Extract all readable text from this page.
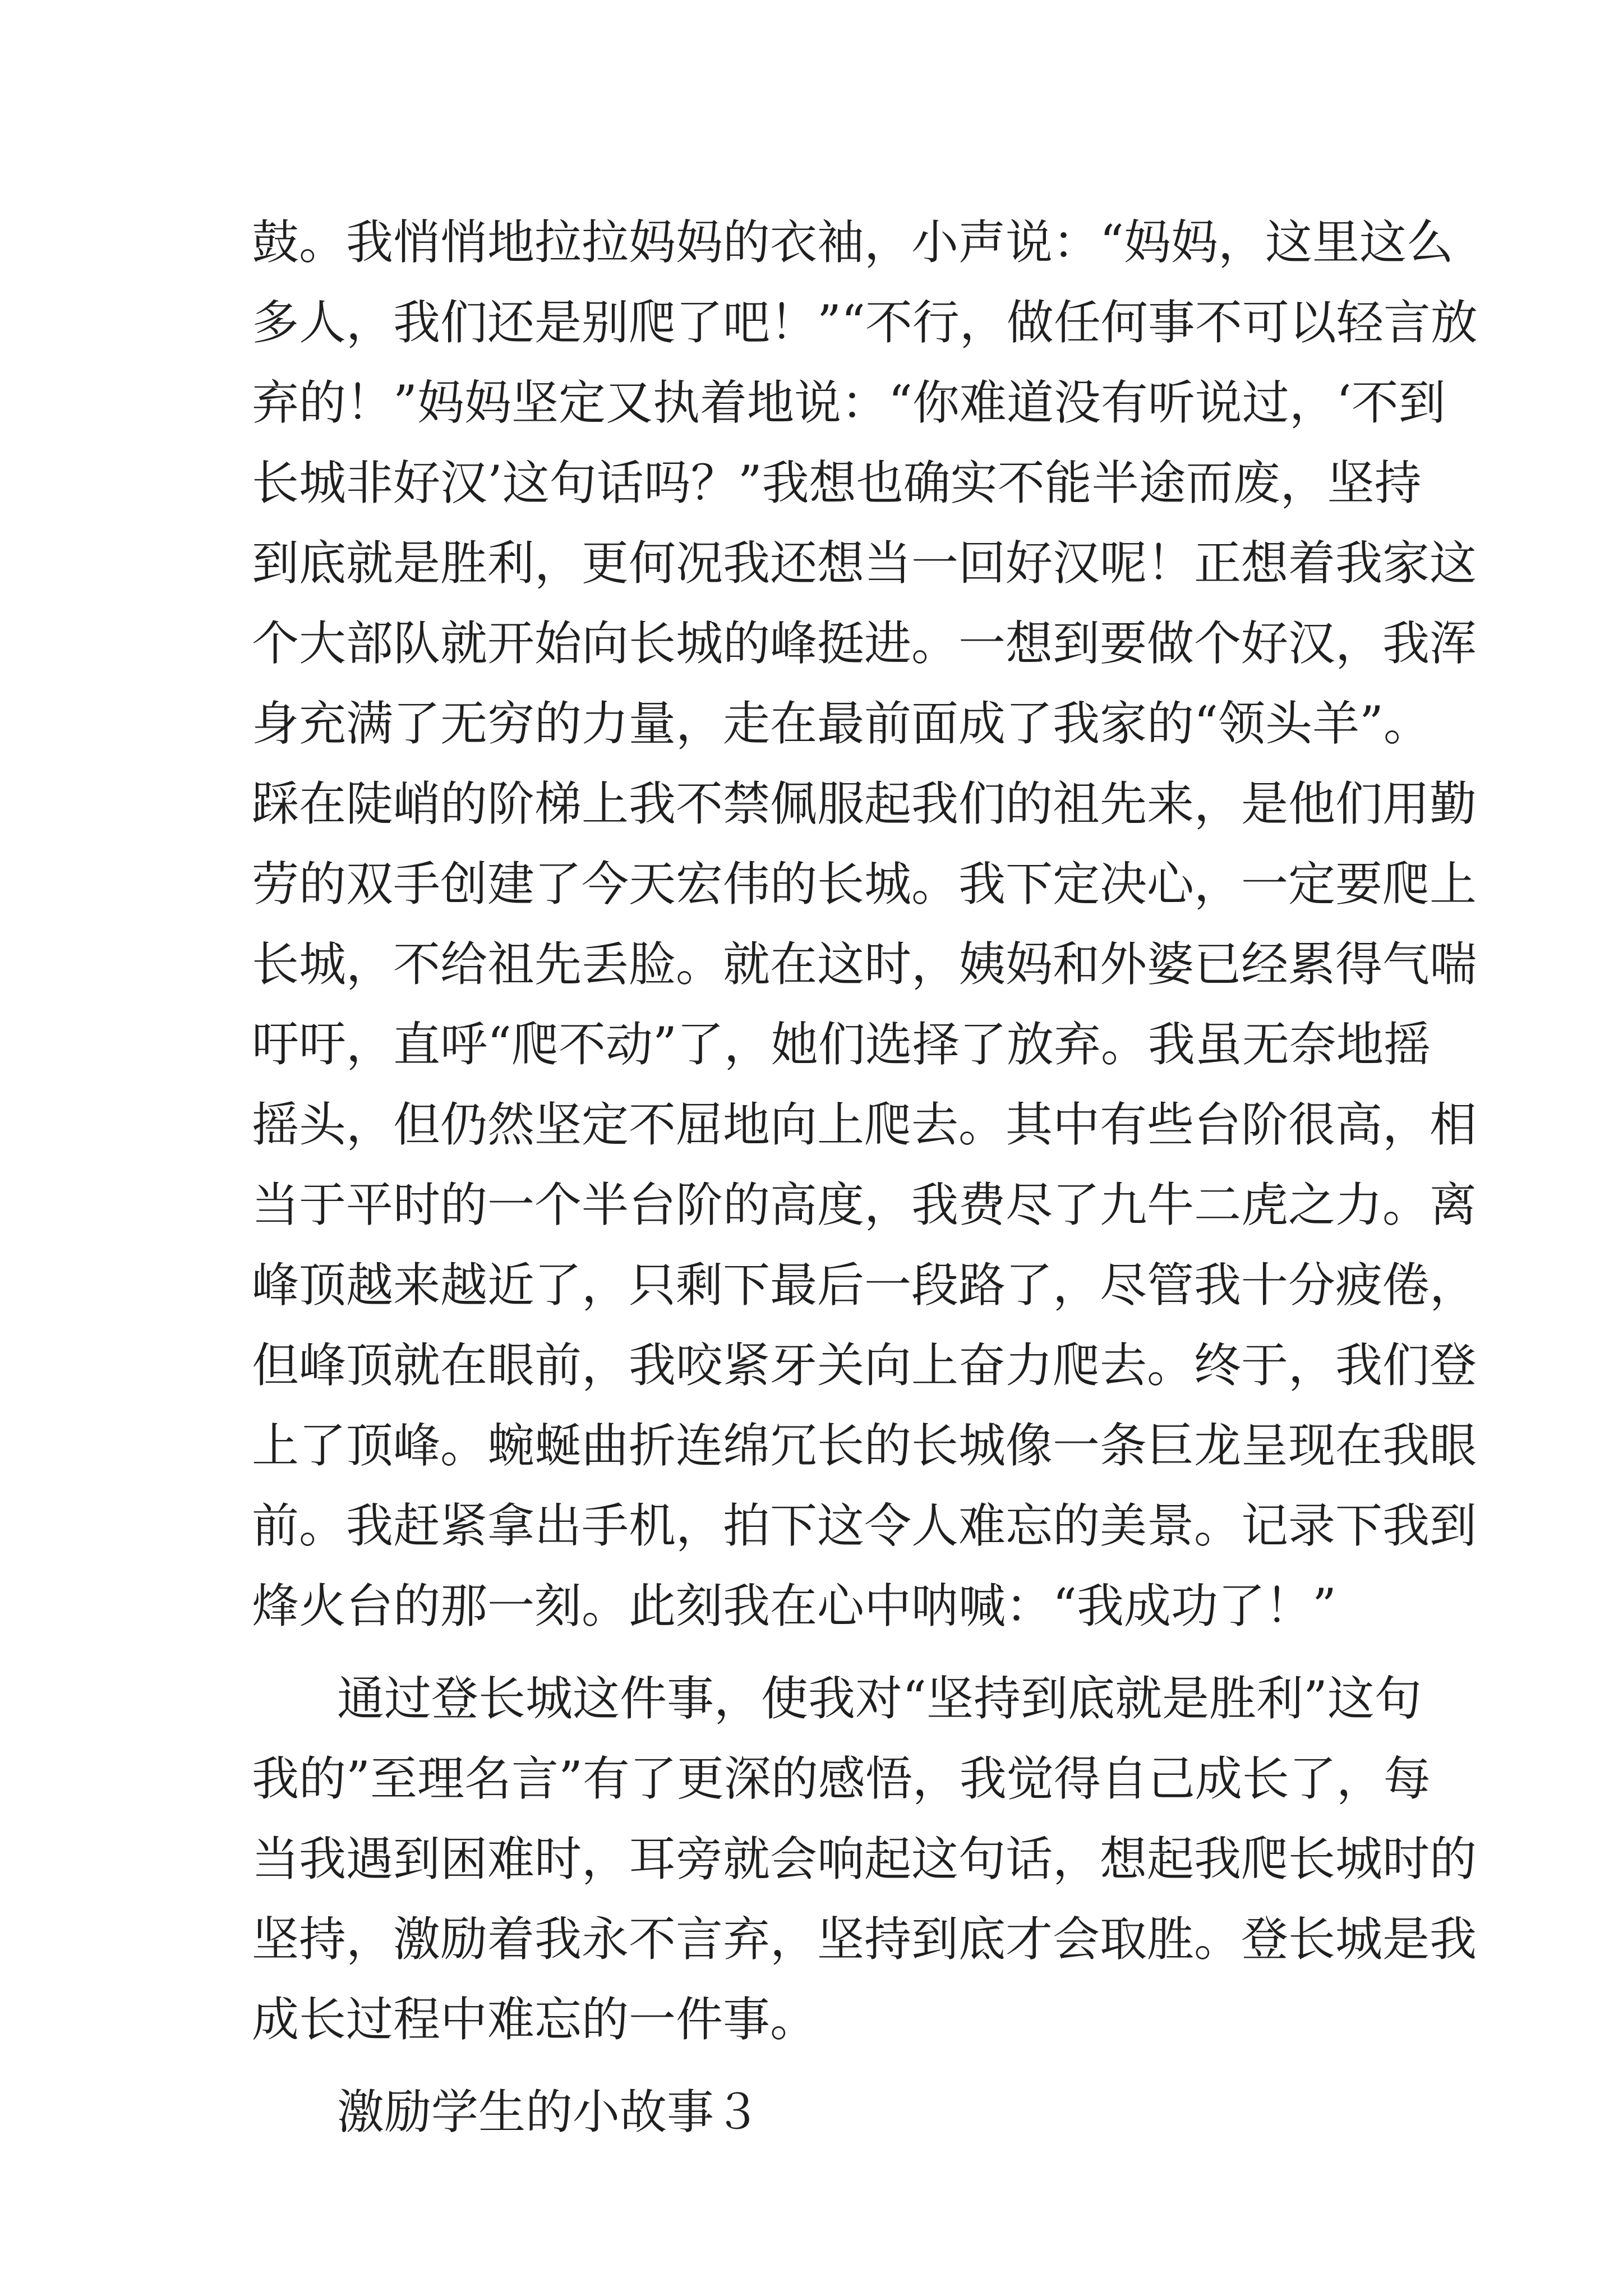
鼓。我悄悄地拉拉妈妈的衣袖，小声说：“妈妈，这里这么
多人，我们还是别爬了吧！”“不行，做任何事不可以轻言放
弃的！”妈妈坚定又执着地说：“你难道没有听说过，‘不到
长城非好汉’这句话吗？”我想也确实不能半途而废，坚持
到底就是胜利，更何况我还想当一回好汉呢！正想着我家这
个大部队就开始向长城的峰挺进。一想到要做个好汉，我浑
身充满了无穷的力量，走在最前面成了我家的“领头羊”。
踩在陡峭的阶梯上我不禁佩服起我们的祖先来，是他们用勤
劳的双手创建了今天宏伟的长城。我下定决心，一定要爬上
长城，不给祖先丢脸。就在这时，姨妈和外婆已经累得气喘
吁吁，直呼“爬不动”了，她们选择了放弃。我虽无奈地摇
摇头，但仍然坚定不屈地向上爬去。其中有些台阶很高，相
当于平时的一个半台阶的高度，我费尽了九牛二虎之力。离
峰顶越来越近了，只剩下最后一段路了，尽管我十分疲倦，
但峰顶就在眼前，我咬紧牙关向上奋力爬去。终于，我们登
上了顶峰。蜿蜒曲折连绵冗长的长城像一条巨龙呈现在我眼
前。我赶紧拿出手机，拍下这令人难忘的美景。记录下我到
烽火台的那一刻。此刻我在心中呐喊：“我成功了！”
通过登长城这件事，使我对“坚持到底就是胜利”这句
我的”至理名言”有了更深的感悟，我觉得自己成长了，每
当我遇到困难时，耳旁就会响起这句话，想起我爬长城时的
坚持，激励着我永不言弃，坚持到底才会取胜。登长城是我
成长过程中难忘的一件事。
激励学生的小故事３
